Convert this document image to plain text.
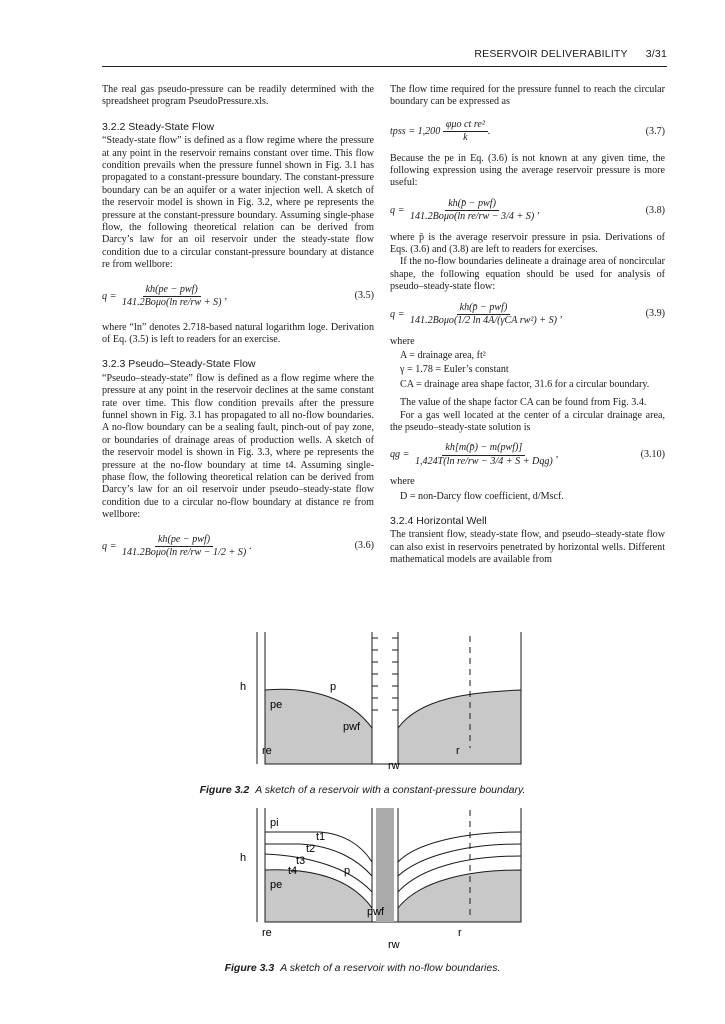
RESERVOIR DELIVERABILITY 3/31

The real gas pseudo-pressure can be readily determined with the spreadsheet program PseudoPressure.xls.

3.2.2 Steady-State Flow

“Steady-state flow” is defined as a flow regime where the pressure at any point in the reservoir remains constant over time. This flow condition prevails when the pressure funnel shown in Fig. 3.1 has propagated to a constant-pressure boundary. The constant-pressure boundary can be an aquifer or a water injection well. A sketch of the reservoir model is shown in Fig. 3.2, where pe represents the pressure at the constant-pressure boundary. Assuming single-phase flow, the following theoretical relation can be derived from Darcy’s law for an oil reservoir under the steady-state flow condition due to a circular constant-pressure boundary at distance re from wellbore:

$q = \frac{\text{kh(pe − pwf)}}{\text{141.2Boμo(ln re/rw + S)}}$ ,	(3.5)

where “ln” denotes 2.718-based natural logarithm loge. Derivation of Eq. (3.5) is left to readers for an exercise.

3.2.3 Pseudo–Steady-State Flow

“Pseudo–steady-state” flow is defined as a flow regime where the pressure at any point in the reservoir declines at the same constant rate over time. This flow condition prevails after the pressure funnel shown in Fig. 3.1 has propagated to all no-flow boundaries. A no-flow boundary can be a sealing fault, pinch-out of pay zone, or boundaries of drainage areas of production wells. A sketch of the reservoir model is shown in Fig. 3.3, where pe represents the pressure at the no-flow boundary at time t4. Assuming single-phase flow, the following theoretical relation can be derived from Darcy’s law for an oil reservoir under pseudo–steady-state flow condition due to a circular no-flow boundary at distance re from wellbore:

$q = \frac{\text{kh(pe − pwf)}}{\text{141.2Boμo(ln re/rw − 1/2 + S)}}$ .	(3.6)

The flow time required for the pressure funnel to reach the circular boundary can be expressed as

tpss = $1,200 \frac{\text{φμo ct re²}}{k}$ .	(3.7)

Because the pe in Eq. (3.6) is not known at any given time, the following expression using the average reservoir pressure is more useful:

$q = \frac{\text{kh(p̄ − pwf)}}{\text{141.2Boμo(ln re/rw − 3/4 + S)}}$ ,	(3.8)

where p̄ is the average reservoir pressure in psia. Derivations of Eqs. (3.6) and (3.8) are left to readers for exercises.

If the no-flow boundaries delineate a drainage area of noncircular shape, the following equation should be used for analysis of pseudo–steady-state flow:

$q = \frac{\text{kh(p̄ − pwf)}}{\text{141.2Boμo(1/2 ln 4A/(γCA rw²) + S)}}$ ,	(3.9)

where

A = drainage area, ft²

γ = 1.78 = Euler’s constant

CA = drainage area shape factor, 31.6 for a circular boundary.

The value of the shape factor CA can be found from Fig. 3.4.

For a gas well located at the center of a circular drainage area, the pseudo–steady-state solution is

qg = $\frac{\text{kh[m(p̄) − m(pwf)]}}{\text{1,424T(ln re/rw − 3/4 + S + Dqg)}}$ ,	(3.10)

where

D = non-Darcy flow coefficient, d/Mscf.

3.2.4 Horizontal Well

The transient flow, steady-state flow, and pseudo–steady-state flow can also exist in reservoirs penetrated by horizontal wells. Different mathematical models are available from

h	p
pe
pwf
re	r
rw
Figure 3.2 A sketch of a reservoir with a constant-pressure boundary.
pi
t1
t2
t3
t4
h
p
pe
pwf
re	r
rw
Figure 3.3 A sketch of a reservoir with no-flow boundaries.
